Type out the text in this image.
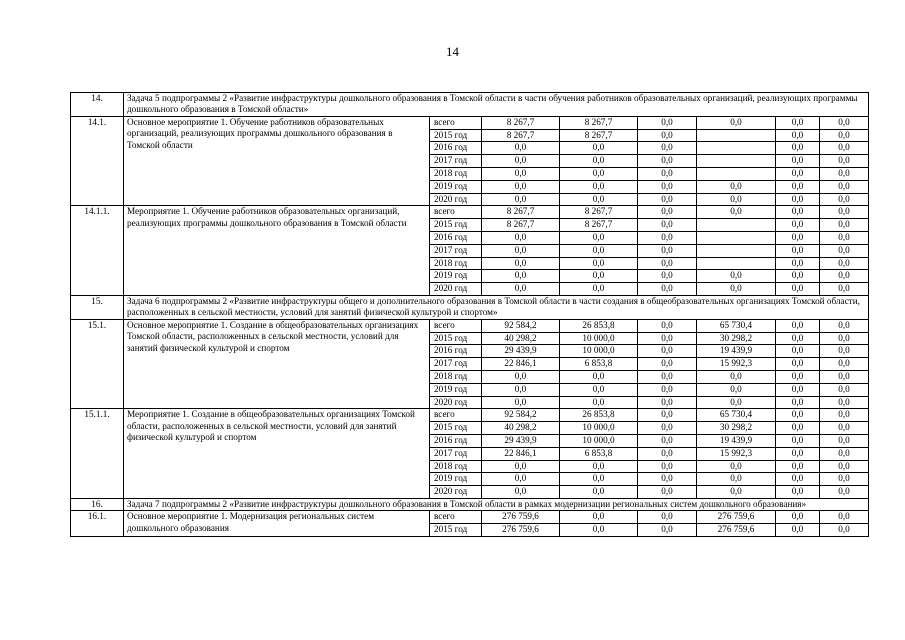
14
14.	Задача 5 подпрограммы 2 «Развитие инфраструктуры дошкольного образования в Томской области в части обучения работников образовательных организаций, реализующих программы дошкольного образования в Томской области»							
14.1.	Основное мероприятие 1. Обучение работников образовательных организаций, реализующих программы дошкольного образования в Томской области	всего	8 267,7	8 267,7	0,0	0,0	0,0	0,0
		2015 год	8 267,7	8 267,7	0,0		0,0	0,0
		2016 год	0,0	0,0	0,0		0,0	0,0
		2017 год	0,0	0,0	0,0		0,0	0,0
		2018 год	0,0	0,0	0,0		0,0	0,0
		2019 год	0,0	0,0	0,0	0,0	0,0	0,0
		2020 год	0,0	0,0	0,0	0,0	0,0	0,0
14.1.1.	Мероприятие 1. Обучение работников образовательных организаций, реализующих программы дошкольного образования в Томской области	всего	8 267,7	8 267,7	0,0	0,0	0,0	0,0
		2015 год	8 267,7	8 267,7	0,0		0,0	0,0
		2016 год	0,0	0,0	0,0		0,0	0,0
		2017 год	0,0	0,0	0,0		0,0	0,0
		2018 год	0,0	0,0	0,0		0,0	0,0
		2019 год	0,0	0,0	0,0	0,0	0,0	0,0
		2020 год	0,0	0,0	0,0	0,0	0,0	0,0
15.	Задача 6 подпрограммы 2 «Развитие инфраструктуры общего и дополнительного образования в Томской области в части создания в общеобразовательных организациях Томской области, расположенных в сельской местности, условий для занятий физической культурой и спортом»							
15.1.	Основное мероприятие 1. Создание в общеобразовательных организациях Томской области, расположенных в сельской местности, условий для занятий физической культурой и спортом	всего	92 584,2	26 853,8	0,0	65 730,4	0,0	0,0
		2015 год	40 298,2	10 000,0	0,0	30 298,2	0,0	0,0
		2016 год	29 439,9	10 000,0	0,0	19 439,9	0,0	0,0
		2017 год	22 846,1	6 853,8	0,0	15 992,3	0,0	0,0
		2018 год	0,0	0,0	0,0	0,0	0,0	0,0
		2019 год	0,0	0,0	0,0	0,0	0,0	0,0
		2020 год	0,0	0,0	0,0	0,0	0,0	0,0
15.1.1.	Мероприятие 1. Создание в общеобразовательных организациях Томской области, расположенных в сельской местности, условий для занятий физической культурой и спортом	всего	92 584,2	26 853,8	0,0	65 730,4	0,0	0,0
		2015 год	40 298,2	10 000,0	0,0	30 298,2	0,0	0,0
		2016 год	29 439,9	10 000,0	0,0	19 439,9	0,0	0,0
		2017 год	22 846,1	6 853,8	0,0	15 992,3	0,0	0,0
		2018 год	0,0	0,0	0,0	0,0	0,0	0,0
		2019 год	0,0	0,0	0,0	0,0	0,0	0,0
		2020 год	0,0	0,0	0,0	0,0	0,0	0,0
16.	Задача 7 подпрограммы 2 «Развитие инфраструктуры дошкольного образования в Томской области в рамках модернизации региональных систем дошкольного образования»							
16.1.	Основное мероприятие 1. Модернизация региональных систем дошкольного образования	всего	276 759,6	0,0	0,0	276 759,6	0,0	0,0
		2015 год	276 759,6	0,0	0,0	276 759,6	0,0	0,0
